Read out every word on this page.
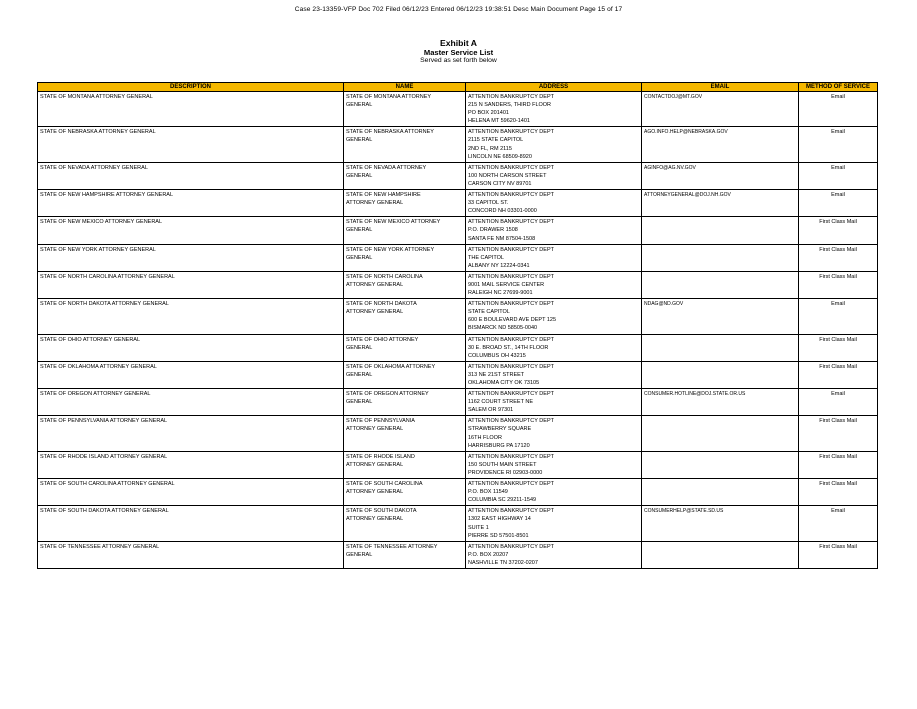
Case 23-13359-VFP Doc 702 Filed 06/12/23 Entered 06/12/23 19:38:51 Desc Main Document Page 15 of 17
Exhibit A
Master Service List
Served as set forth below
DESCRIPTION	NAME	ADDRESS	EMAIL	METHOD OF SERVICE
STATE OF MONTANA ATTORNEY GENERAL	STATE OF MONTANA ATTORNEY
GENERAL	ATTENTION BANKRUPTCY DEPT
215 N SANDERS, THIRD FLOOR
PO BOX 201401
HELENA MT 59620-1401	CONTACTDOJ@MT.GOV	Email
STATE OF NEBRASKA ATTORNEY GENERAL	STATE OF NEBRASKA ATTORNEY
GENERAL	ATTENTION BANKRUPTCY DEPT
2115 STATE CAPITOL
2ND FL, RM 2115
LINCOLN NE 68509-8920	AGO.INFO.HELP@NEBRASKA.GOV	Email
STATE OF NEVADA ATTORNEY GENERAL	STATE OF NEVADA ATTORNEY
GENERAL	ATTENTION BANKRUPTCY DEPT
100 NORTH CARSON STREET
CARSON CITY NV 89701	AGINFO@AG.NV.GOV	Email
STATE OF NEW HAMPSHIRE ATTORNEY GENERAL	STATE OF NEW HAMPSHIRE
ATTORNEY GENERAL	ATTENTION BANKRUPTCY DEPT
33 CAPITOL ST.
CONCORD NH 03301-0000	ATTORNEYGENERAL@DOJ.NH.GOV	Email
STATE OF NEW MEXICO ATTORNEY GENERAL	STATE OF NEW MEXICO ATTORNEY
GENERAL	ATTENTION BANKRUPTCY DEPT
P.O. DRAWER 1508
SANTA FE NM 87504-1508		First Class Mail
STATE OF NEW YORK ATTORNEY GENERAL	STATE OF NEW YORK ATTORNEY
GENERAL	ATTENTION BANKRUPTCY DEPT
THE CAPITOL
ALBANY NY 12224-0341		First Class Mail
STATE OF NORTH CAROLINA ATTORNEY GENERAL	STATE OF NORTH CAROLINA
ATTORNEY GENERAL	ATTENTION BANKRUPTCY DEPT
9001 MAIL SERVICE CENTER
RALEIGH NC 27699-9001		First Class Mail
STATE OF NORTH DAKOTA ATTORNEY GENERAL	STATE OF NORTH DAKOTA
ATTORNEY GENERAL	ATTENTION BANKRUPTCY DEPT
STATE CAPITOL
600 E BOULEVARD AVE DEPT 125
BISMARCK ND 58505-0040	NDAG@ND.GOV	Email
STATE OF OHIO ATTORNEY GENERAL	STATE OF OHIO ATTORNEY
GENERAL	ATTENTION BANKRUPTCY DEPT
30 E. BROAD ST., 14TH FLOOR
COLUMBUS OH 43215		First Class Mail
STATE OF OKLAHOMA ATTORNEY GENERAL	STATE OF OKLAHOMA ATTORNEY
GENERAL	ATTENTION BANKRUPTCY DEPT
313 NE 21ST STREET
OKLAHOMA CITY OK 73105		First Class Mail
STATE OF OREGON ATTORNEY GENERAL	STATE OF OREGON ATTORNEY
GENERAL	ATTENTION BANKRUPTCY DEPT
1162 COURT STREET NE
SALEM OR 97301	CONSUMER.HOTLINE@DOJ.STATE.OR.US	Email
STATE OF PENNSYLVANIA ATTORNEY GENERAL	STATE OF PENNSYLVANIA
ATTORNEY GENERAL	ATTENTION BANKRUPTCY DEPT
STRAWBERRY SQUARE
16TH FLOOR
HARRISBURG PA 17120		First Class Mail
STATE OF RHODE ISLAND ATTORNEY GENERAL	STATE OF RHODE ISLAND
ATTORNEY GENERAL	ATTENTION BANKRUPTCY DEPT
150 SOUTH MAIN STREET
PROVIDENCE RI 02903-0000		First Class Mail
STATE OF SOUTH CAROLINA ATTORNEY GENERAL	STATE OF SOUTH CAROLINA
ATTORNEY GENERAL	ATTENTION BANKRUPTCY DEPT
P.O. BOX 11549
COLUMBIA SC 29211-1549		First Class Mail
STATE OF SOUTH DAKOTA ATTORNEY GENERAL	STATE OF SOUTH DAKOTA
ATTORNEY GENERAL	ATTENTION BANKRUPTCY DEPT
1302 EAST HIGHWAY 14
SUITE 1
PIERRE SD 57501-8501	CONSUMERHELP@STATE.SD.US	Email
STATE OF TENNESSEE ATTORNEY GENERAL	STATE OF TENNESSEE ATTORNEY
GENERAL	ATTENTION BANKRUPTCY DEPT
P.O. BOX 20207
NASHVILLE TN 37202-0207		First Class Mail
